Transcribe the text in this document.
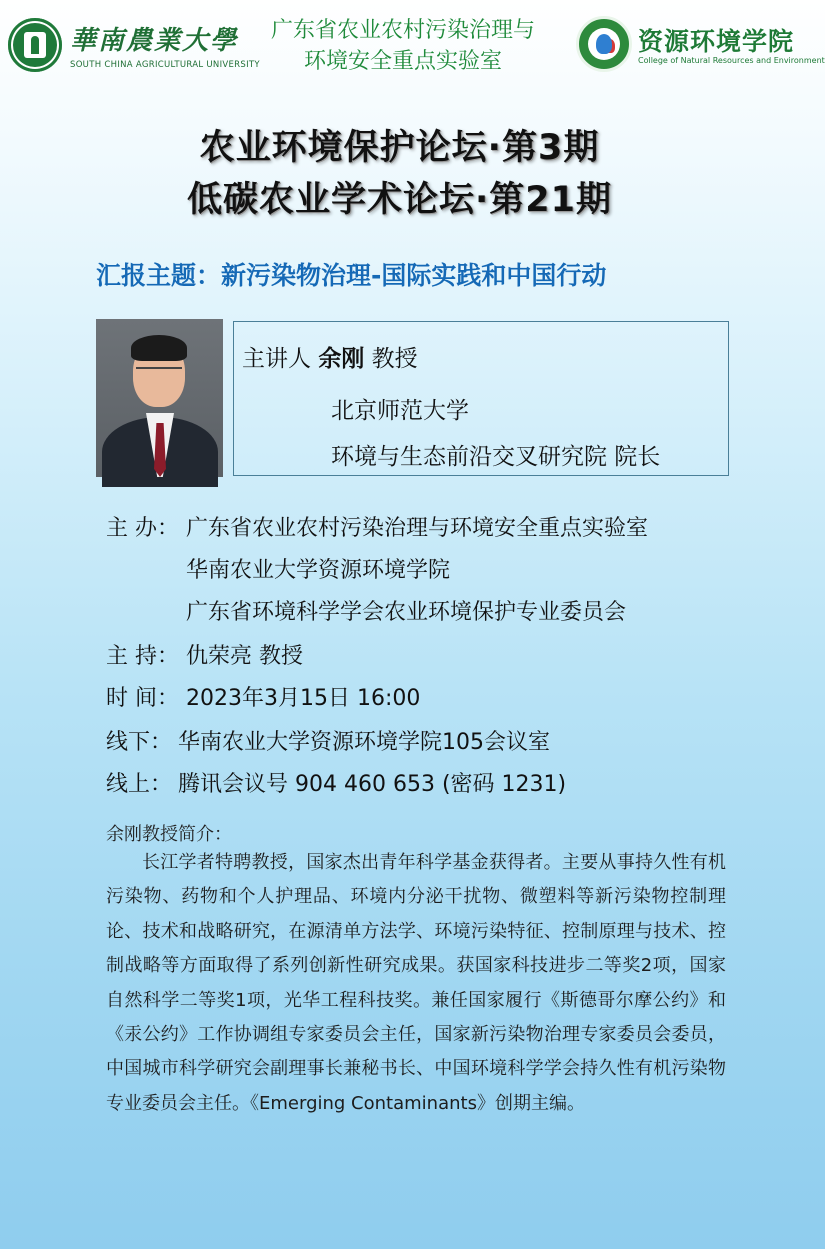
華南農業大學
SOUTH CHINA AGRICULTURAL UNIVERSITY
广东省农业农村污染治理与
环境安全重点实验室
资源环境学院
College of Natural Resources and Environment
农业环境保护论坛·第3期
低碳农业学术论坛·第21期
汇报主题：新污染物治理-国际实践和中国行动
主讲人 余刚 教授
北京师范大学
环境与生态前沿交叉研究院 院长
主 办： 广东省农业农村污染治理与环境安全重点实验室
华南农业大学资源环境学院
广东省环境科学学会农业环境保护专业委员会
主 持： 仇荣亮 教授
时 间： 2023年3月15日 16:00
线下： 华南农业大学资源环境学院105会议室
线上： 腾讯会议号 904 460 653 (密码 1231)
余刚教授简介：

长江学者特聘教授，国家杰出青年科学基金获得者。主要从事持久性有机污染物、药物和个人护理品、环境内分泌干扰物、微塑料等新污染物控制理论、技术和战略研究，在源清单方法学、环境污染特征、控制原理与技术、控制战略等方面取得了系列创新性研究成果。获国家科技进步二等奖2项，国家自然科学二等奖1项，光华工程科技奖。兼任国家履行《斯德哥尔摩公约》和《汞公约》工作协调组专家委员会主任，国家新污染物治理专家委员会委员，中国城市科学研究会副理事长兼秘书长、中国环境科学学会持久性有机污染物专业委员会主任。《Emerging Contaminants》创期主编。
